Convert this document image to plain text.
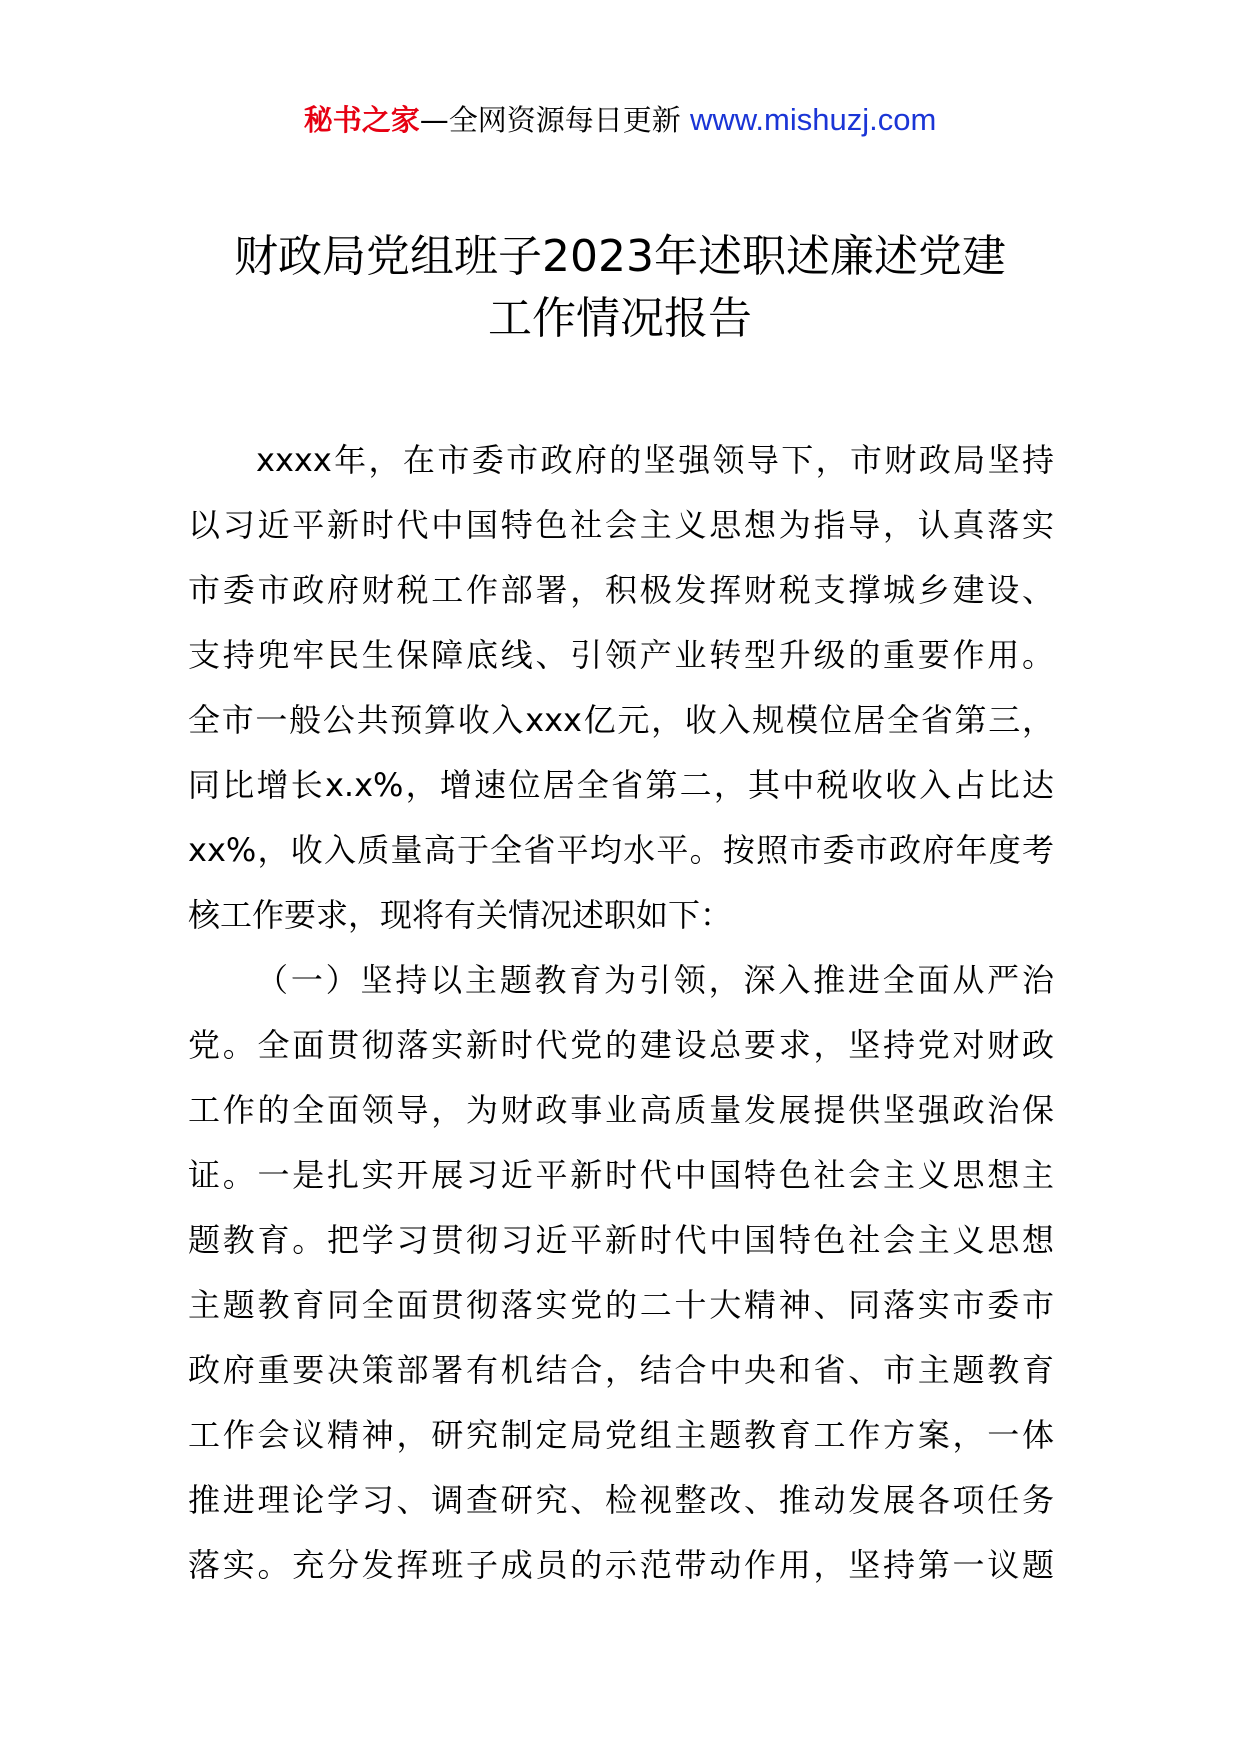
秘书之家—全网资源每日更新 www.mishuzj.com
财政局党组班子2023年述职述廉述党建
工作情况报告
xxxx年，在市委市政府的坚强领导下，市财政局坚持
以习近平新时代中国特色社会主义思想为指导，认真落实
市委市政府财税工作部署，积极发挥财税支撑城乡建设、
支持兜牢民生保障底线、引领产业转型升级的重要作用。
全市一般公共预算收入xxx亿元，收入规模位居全省第三，
同比增长x.x%，增速位居全省第二，其中税收收入占比达
xx%，收入质量高于全省平均水平。按照市委市政府年度考
核工作要求，现将有关情况述职如下：
（一）坚持以主题教育为引领，深入推进全面从严治
党。全面贯彻落实新时代党的建设总要求，坚持党对财政
工作的全面领导，为财政事业高质量发展提供坚强政治保
证。一是扎实开展习近平新时代中国特色社会主义思想主
题教育。把学习贯彻习近平新时代中国特色社会主义思想
主题教育同全面贯彻落实党的二十大精神、同落实市委市
政府重要决策部署有机结合，结合中央和省、市主题教育
工作会议精神，研究制定局党组主题教育工作方案，一体
推进理论学习、调查研究、检视整改、推动发展各项任务
落实。充分发挥班子成员的示范带动作用，坚持第一议题
